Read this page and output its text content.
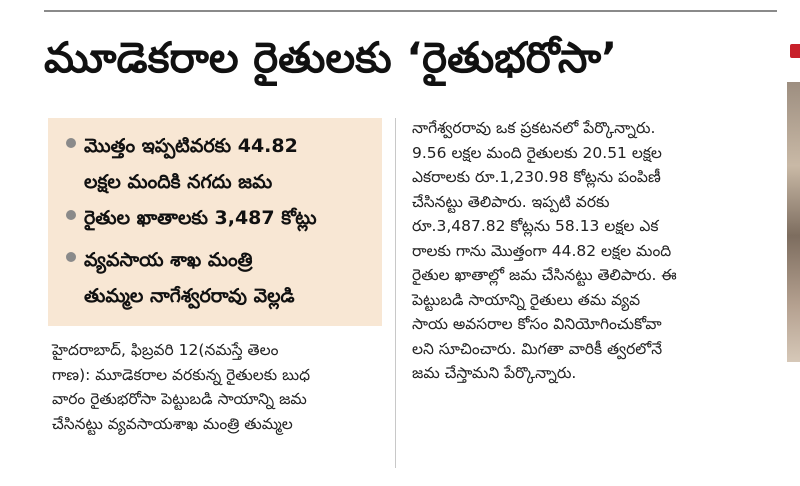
మూడెకరాల రైతులకు ‘రైతుభరోసా’
మొత్తం ఇప్పటివరకు 44.82
లక్షల మందికి నగదు జమ
రైతుల ఖాతాలకు 3,487 కోట్లు
వ్యవసాయ శాఖ మంత్రి
తుమ్మల నాగేశ్వరరావు వెల్లడి
హైదరాబాద్, ఫిబ్రవరి 12(నమస్తే తెలం
గాణ): మూడెకరాల వరకున్న రైతులకు బుధ
వారం రైతుభరోసా పెట్టుబడి సాయాన్ని జమ
చేసినట్టు వ్యవసాయశాఖ మంత్రి తుమ్మల
నాగేశ్వరరావు ఒక ప్రకటనలో పేర్కొన్నారు.
9.56 లక్షల మంది రైతులకు 20.51 లక్షల
ఎకరాలకు రూ.1,230.98 కోట్లను పంపిణీ
చేసినట్టు తెలిపారు. ఇప్పటి వరకు
రూ.3,487.82 కోట్లను 58.13 లక్షల ఎక
రాలకు గాను మొత్తంగా 44.82 లక్షల మంది
రైతుల ఖాతాల్లో జమ చేసినట్టు తెలిపారు. ఈ
పెట్టుబడి సాయాన్ని రైతులు తమ వ్యవ
సాయ అవసరాల కోసం వినియోగించుకోవా
లని సూచించారు. మిగతా వారికీ త్వరలోనే
జమ చేస్తామని పేర్కొన్నారు.
